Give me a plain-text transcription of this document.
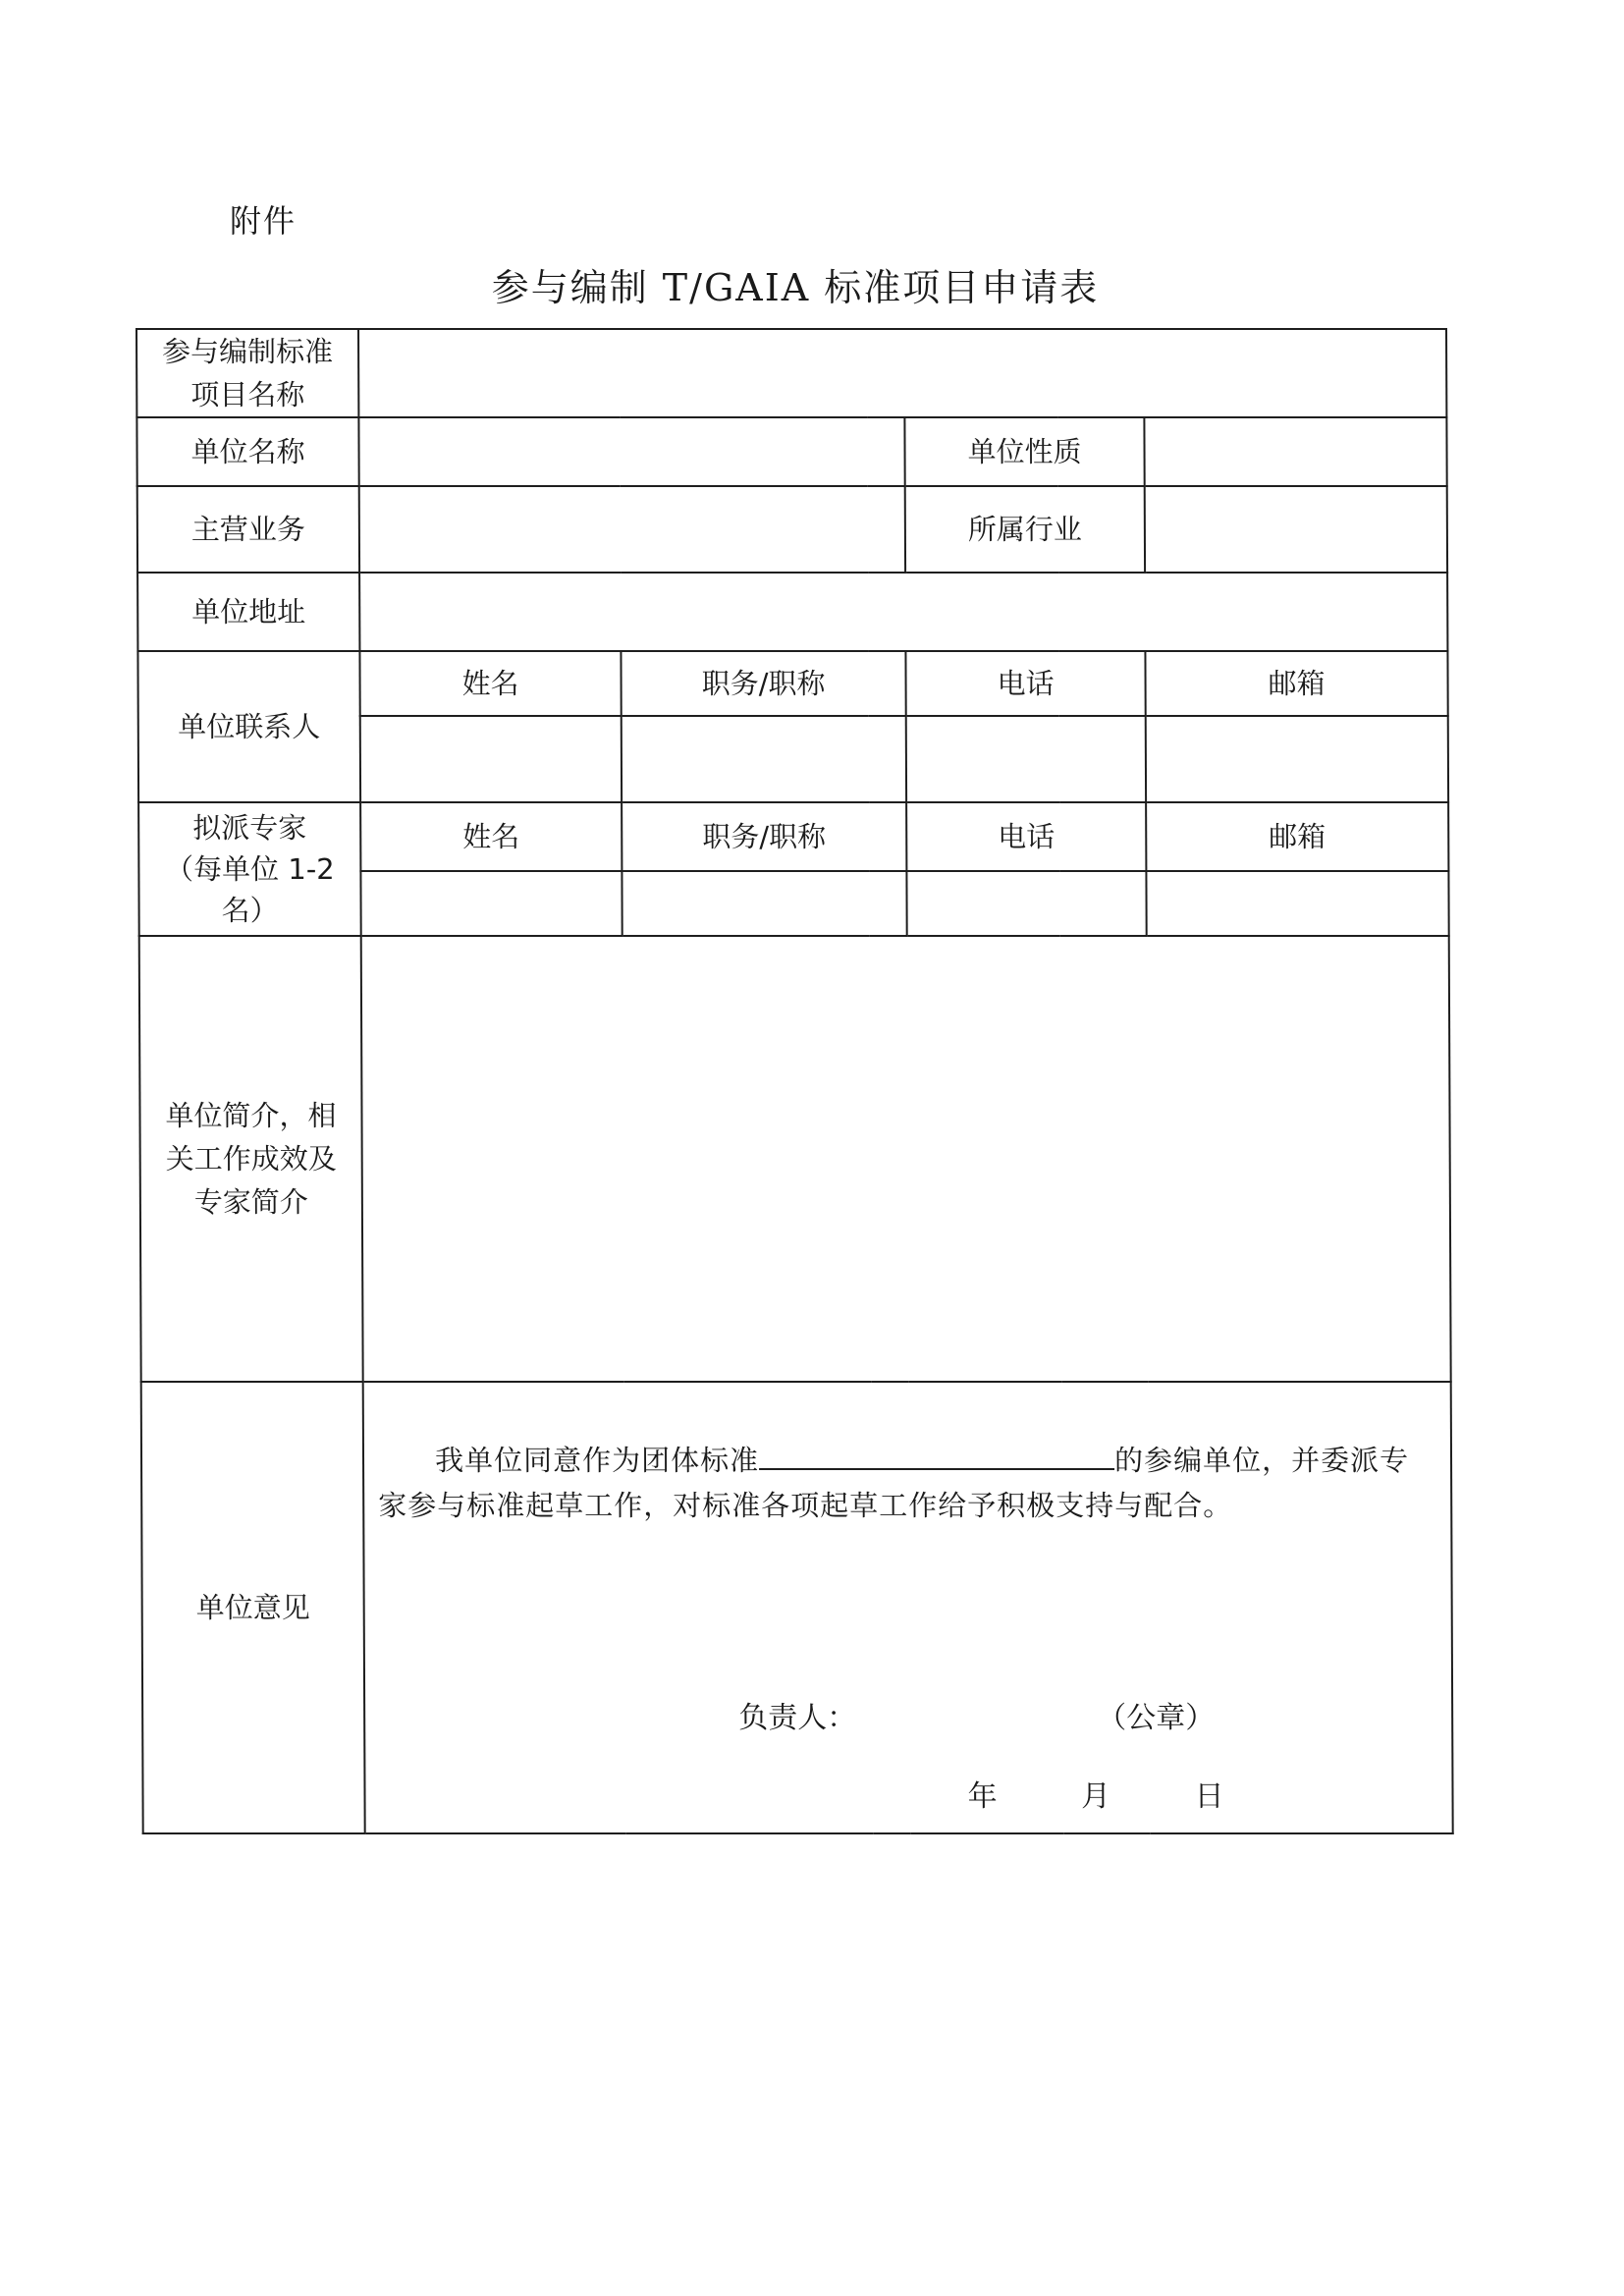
附件
参与编制 T/GAIA 标准项目申请表
参与编制标准
项目名称				

单位名称			单位性质	
主营业务			所属行业	
单位地址				
单位联系人	姓名	职务/职称	电话	邮箱

拟派专家
（每单位 1-2
名）	姓名	职务/职称	电话	邮箱

单位简介，相
关工作成效及
专家简介				

单位意见	我单位同意作为团体标准 的参编单位，并委派专家参与标准起草工作，对标准各项起草工作给予积极支持与配合。
负责人： （公章）
年 月 日			
